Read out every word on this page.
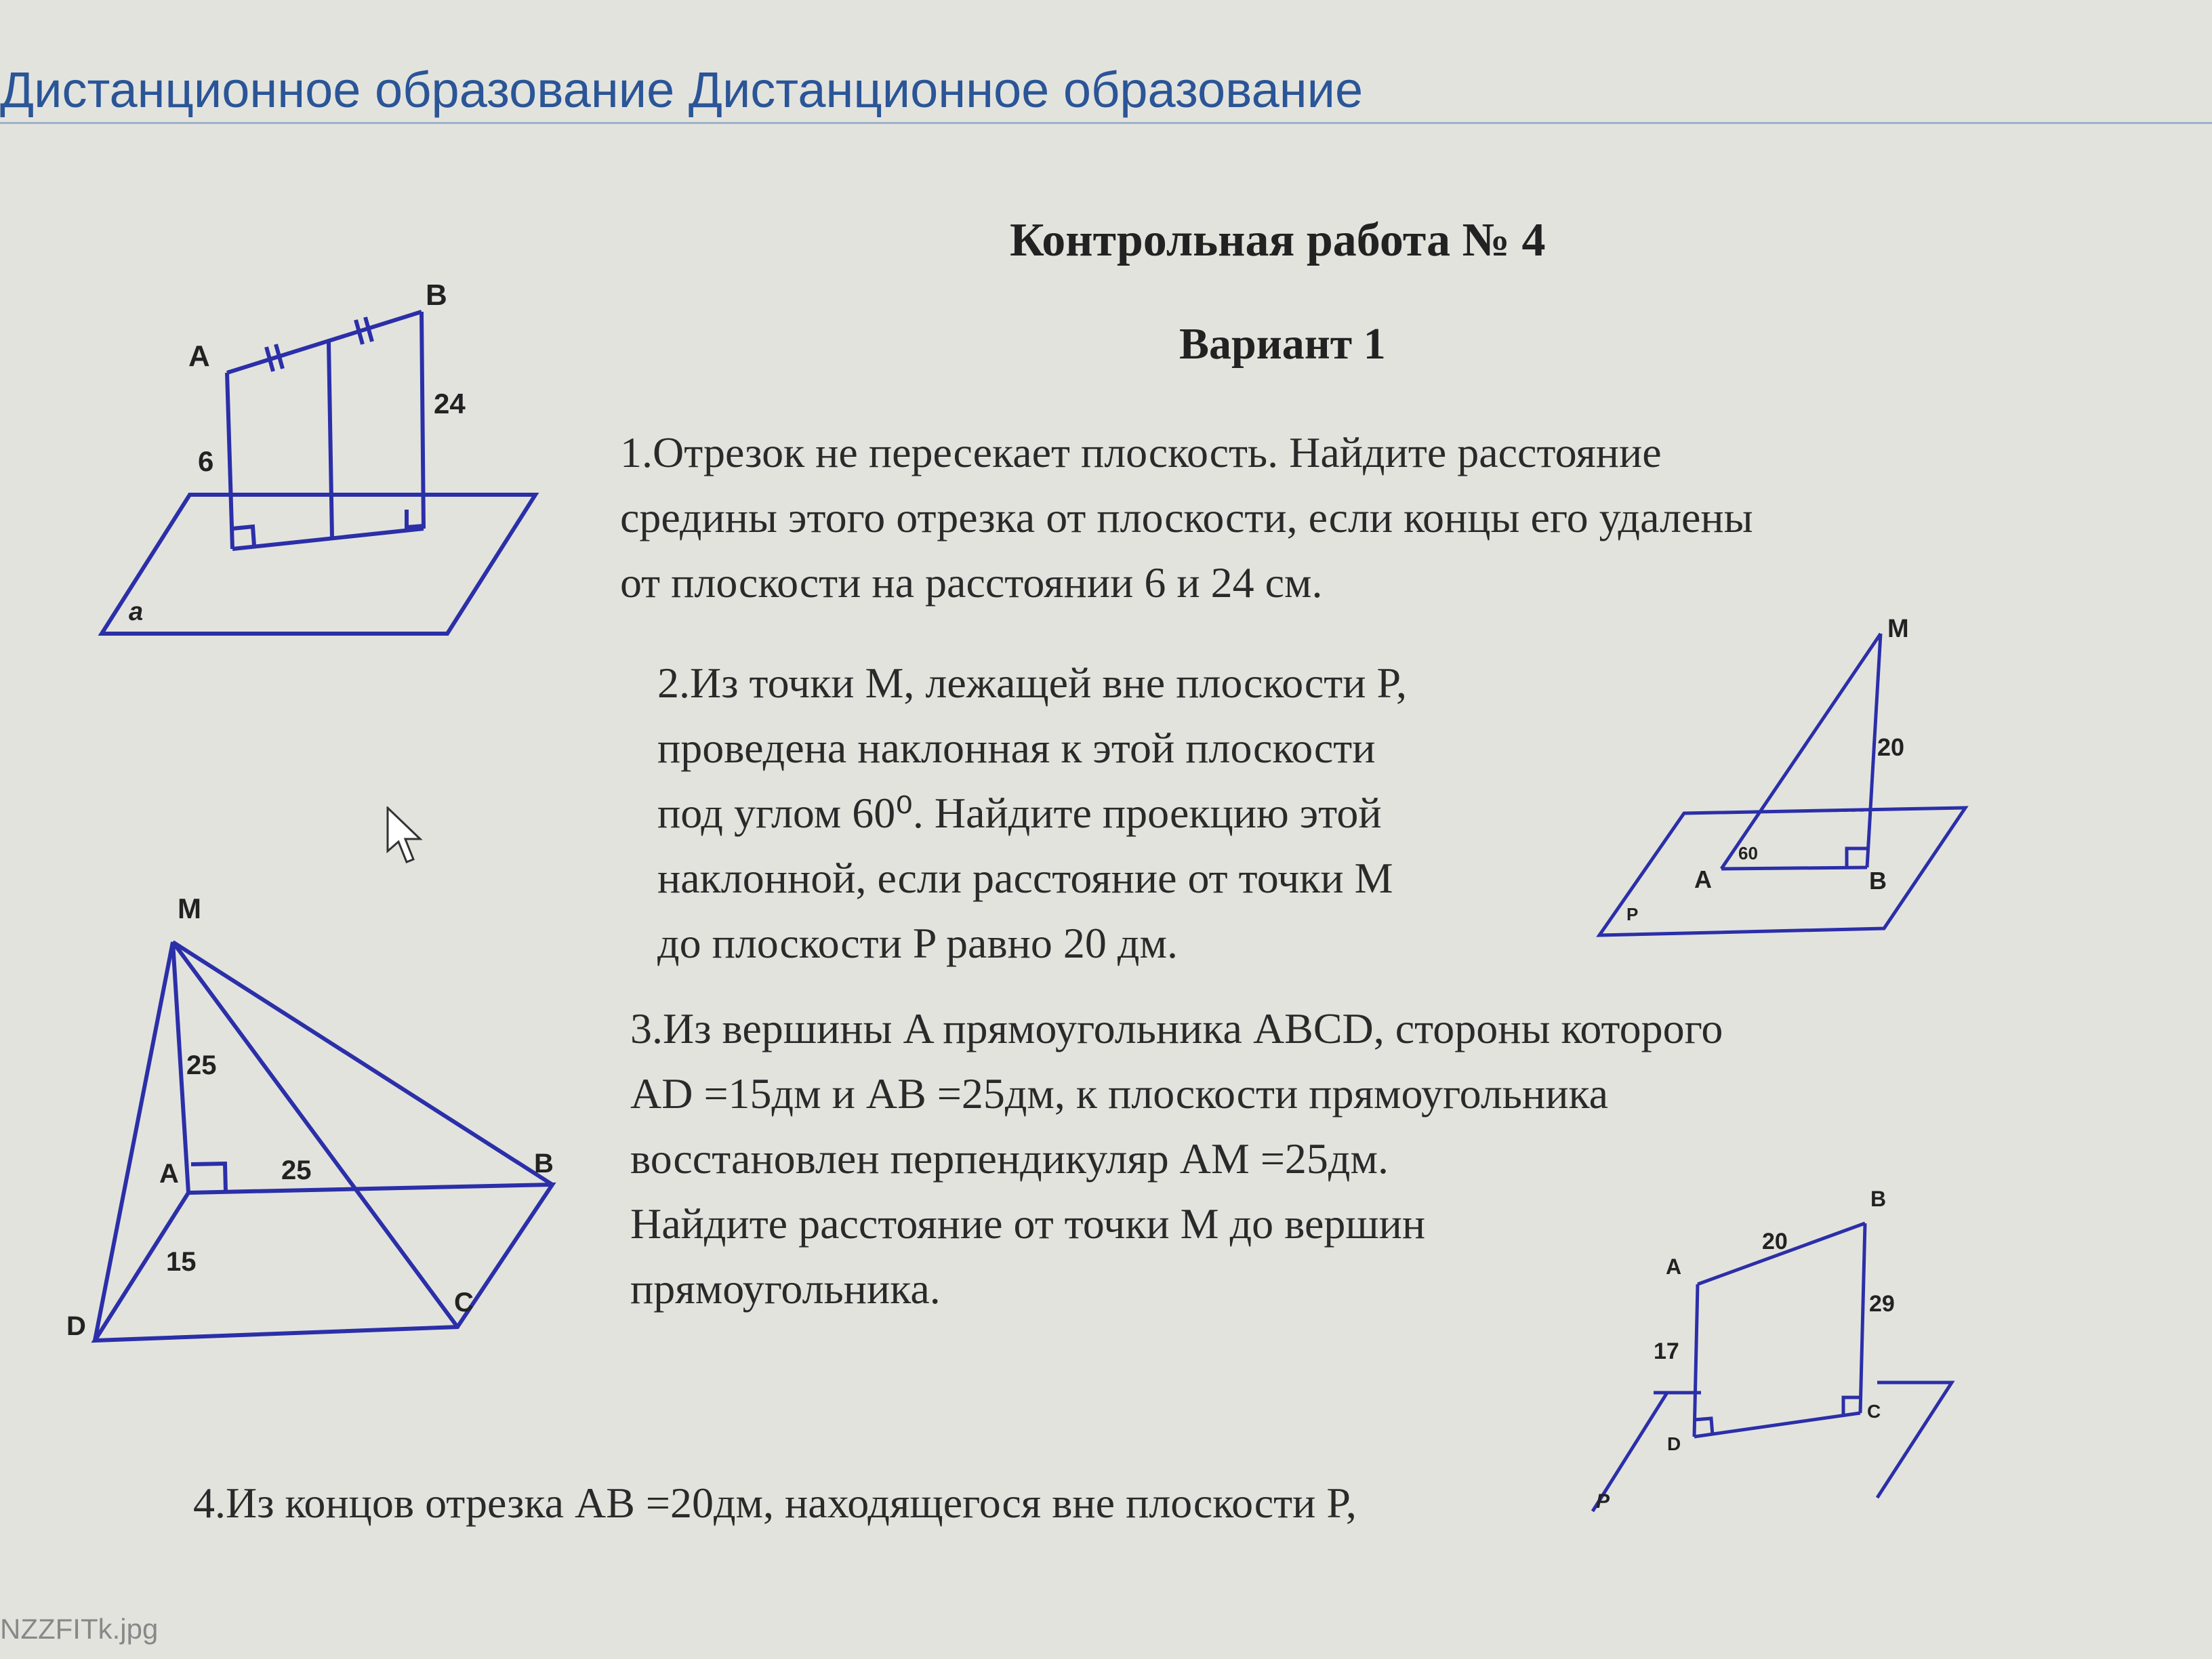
Дистанционное образование Дистанционное образование
Контрольная работа № 4
Вариант 1
1.Отрезок не пересекает плоскость. Найдите расстояние
средины этого отрезка от плоскости, если концы его удалены
от плоскости на расстоянии 6 и 24 см.
2.Из точки M, лежащей вне плоскости P,
проведена наклонная к этой плоскости
под углом 60⁰. Найдите проекцию этой
наклонной, если расстояние от точки M
до плоскости P равно 20 дм.
3.Из вершины A прямоугольника ABCD, стороны которого
AD =15дм и AB =25дм, к плоскости прямоугольника
восстановлен перпендикуляр AM =25дм.
Найдите расстояние от точки M до вершин
прямоугольника.
4.Из концов отрезка AB =20дм, находящегося вне плоскости P,
A
B
6
24
a
M
20
60
A	B
P
M
25
A	25	B
15
C
D
B
20
A
29
17
C
D
P
NZZFITk.jpg
